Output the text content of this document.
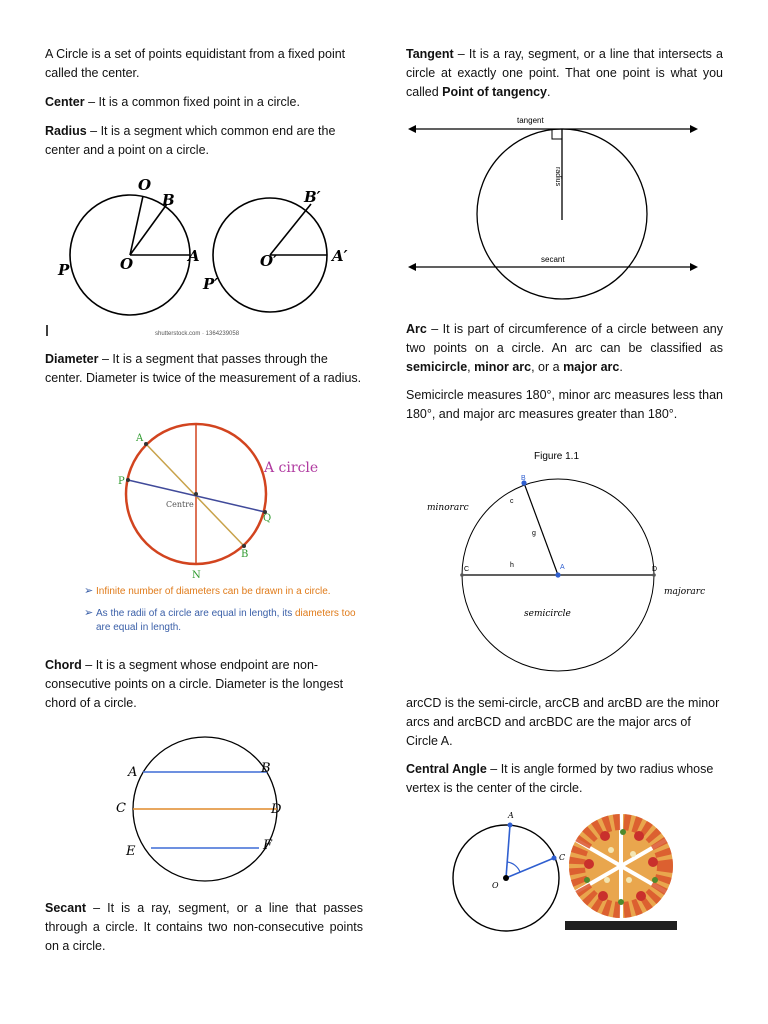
A Circle is a set of points equidistant from a fixed point called the center.

Center – It is a common fixed point in a circle.

Radius – It is a segment which common end are the center and a point on a circle.

O
B
A
O
P
B′
A′
O′
P′
shutterstock.com · 1364239058

Diameter – It is a segment that passes through the center. Diameter is twice of the measurement of a radius.

A
P
Q
B
N
Centre
A circle
➢ Infinite number of diameters can be drawn in a circle.
➢ As the radii of a circle are equal in length, its diameters too
are equal in length.

Chord – It is a segment whose endpoint are non-consecutive points on a circle. Diameter is the longest chord of a circle.

A	B
C	D
E	F

Secant – It is a ray, segment, or a line that passes through a circle. It contains two non-consecutive points on a circle.

Tangent – It is a ray, segment, or a line that intersects a circle at exactly one point. That one point is what you called Point of tangency.

tangent
radius
secant

Arc – It is part of circumference of a circle between any two points on a circle. An arc can be classified as semicircle, minor arc, or a major arc.

Semicircle measures 180°, minor arc measures less than 180°, and major arc measures greater than 180°.

Figure 1.1
B
c
g
h	A
C	D
minorarc
majorarc
semicircle

arcCD is the semi-circle, arcCB and arcBD are the minor arcs and arcBCD and arcBDC are the major arcs of Circle A.

Central Angle – It is angle formed by two radius whose vertex is the center of the circle.

A
C
O
